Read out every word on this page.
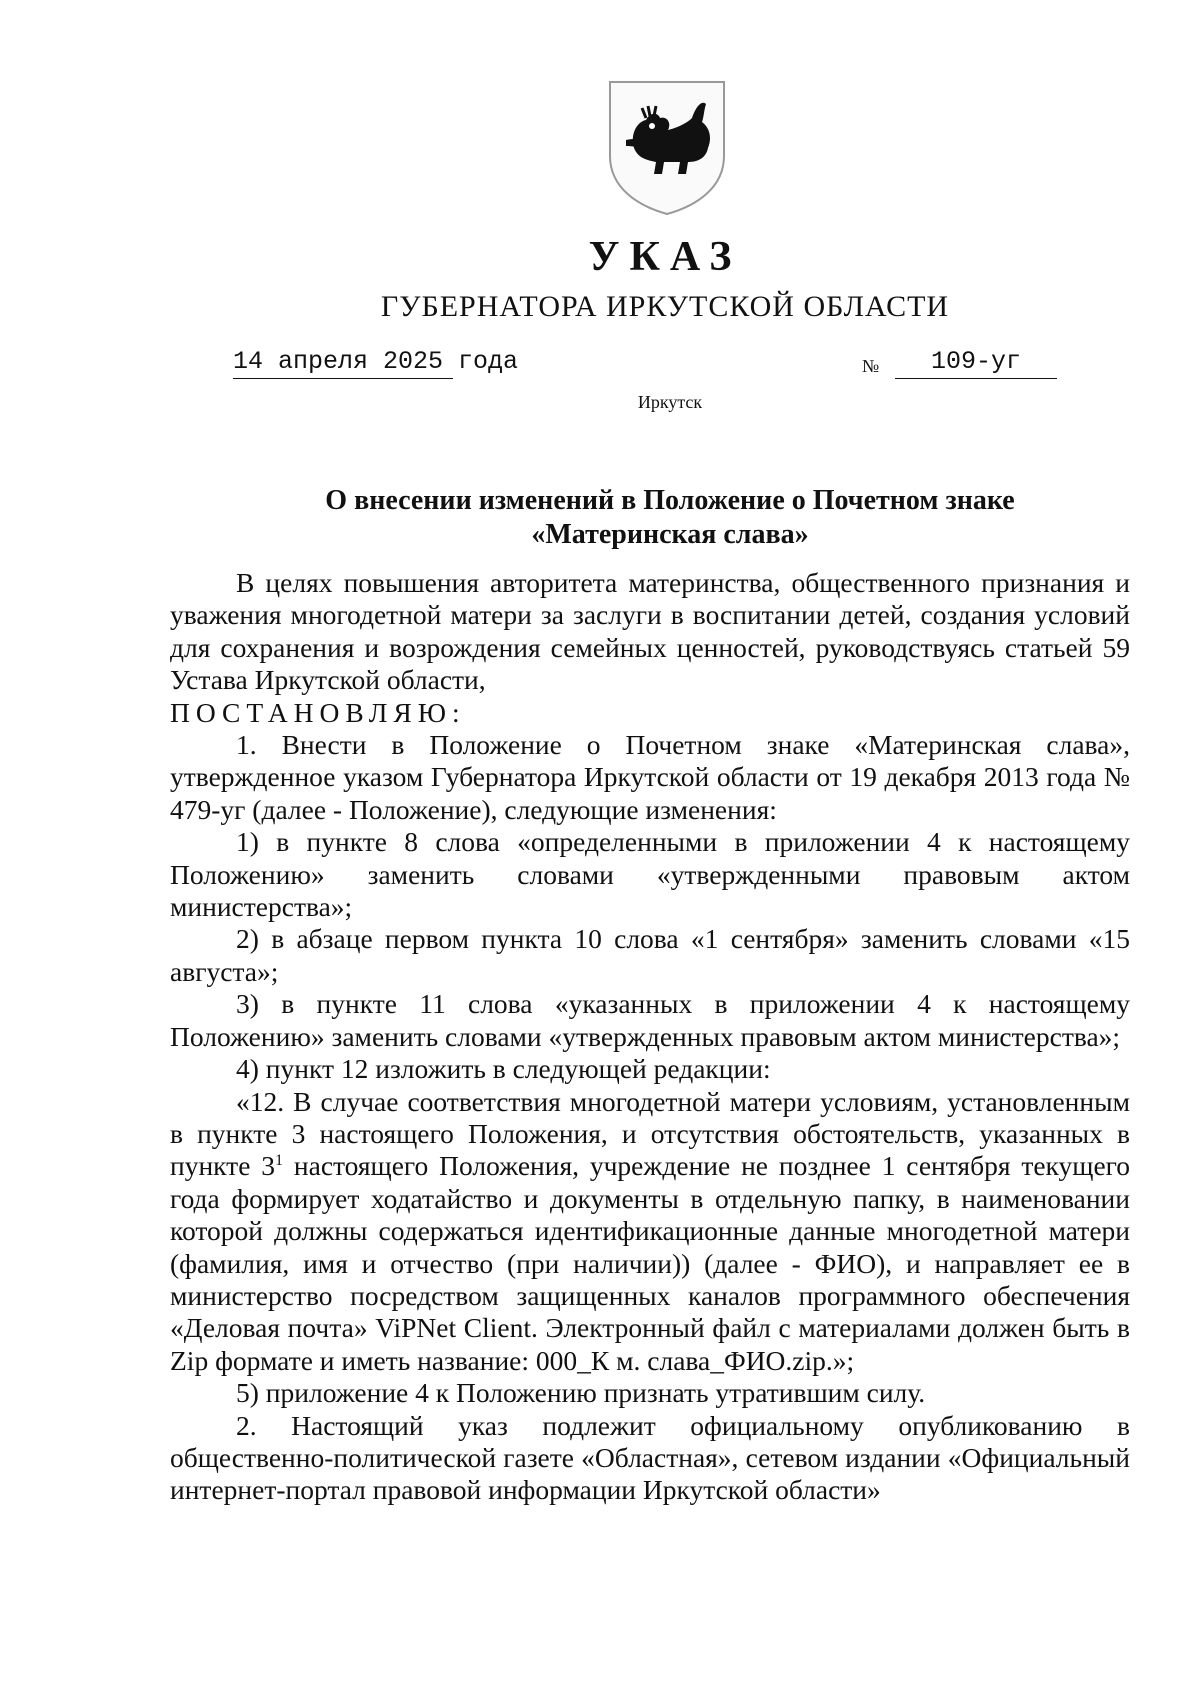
УКАЗ
ГУБЕРНАТОРА ИРКУТСКОЙ ОБЛАСТИ
14 апреля 2025 года	№	109-уг
Иркутск
О внесении изменений в Положение о Почетном знаке
«Материнская слава»

В целях повышения авторитета материнства, общественного признания и уважения многодетной матери за заслуги в воспитании детей, создания условий для сохранения и возрождения семейных ценностей, руководствуясь статьей 59 Устава Иркутской области,

ПОСТАНОВЛЯЮ:

1. Внести в Положение о Почетном знаке «Материнская слава», утвержденное указом Губернатора Иркутской области от 19 декабря 2013 года № 479-уг (далее - Положение), следующие изменения:

1) в пункте 8 слова «определенными в приложении 4 к настоящему Положению» заменить словами «утвержденными правовым актом министерства»;

2) в абзаце первом пункта 10 слова «1 сентября» заменить словами «15 августа»;

3) в пункте 11 слова «указанных в приложении 4 к настоящему Положению» заменить словами «утвержденных правовым актом министерства»;

4) пункт 12 изложить в следующей редакции:

«12. В случае соответствия многодетной матери условиям, установленным в пункте 3 настоящего Положения, и отсутствия обстоятельств, указанных в пункте $3^1$ настоящего Положения, учреждение не позднее 1 сентября текущего года формирует ходатайство и документы в отдельную папку, в наименовании которой должны содержаться идентификационные данные многодетной матери (фамилия, имя и отчество (при наличии)) (далее - ФИО), и направляет ее в министерство посредством защищенных каналов программного обеспечения «Деловая почта» ViPNet Client. Электронный файл с материалами должен быть в Zip формате и иметь название: 000_К м. слава_ФИО.zip.»;

5) приложение 4 к Положению признать утратившим силу.

2. Настоящий указ подлежит официальному опубликованию в общественно-политической газете «Областная», сетевом издании «Официальный интернет-портал правовой информации Иркутской области»
